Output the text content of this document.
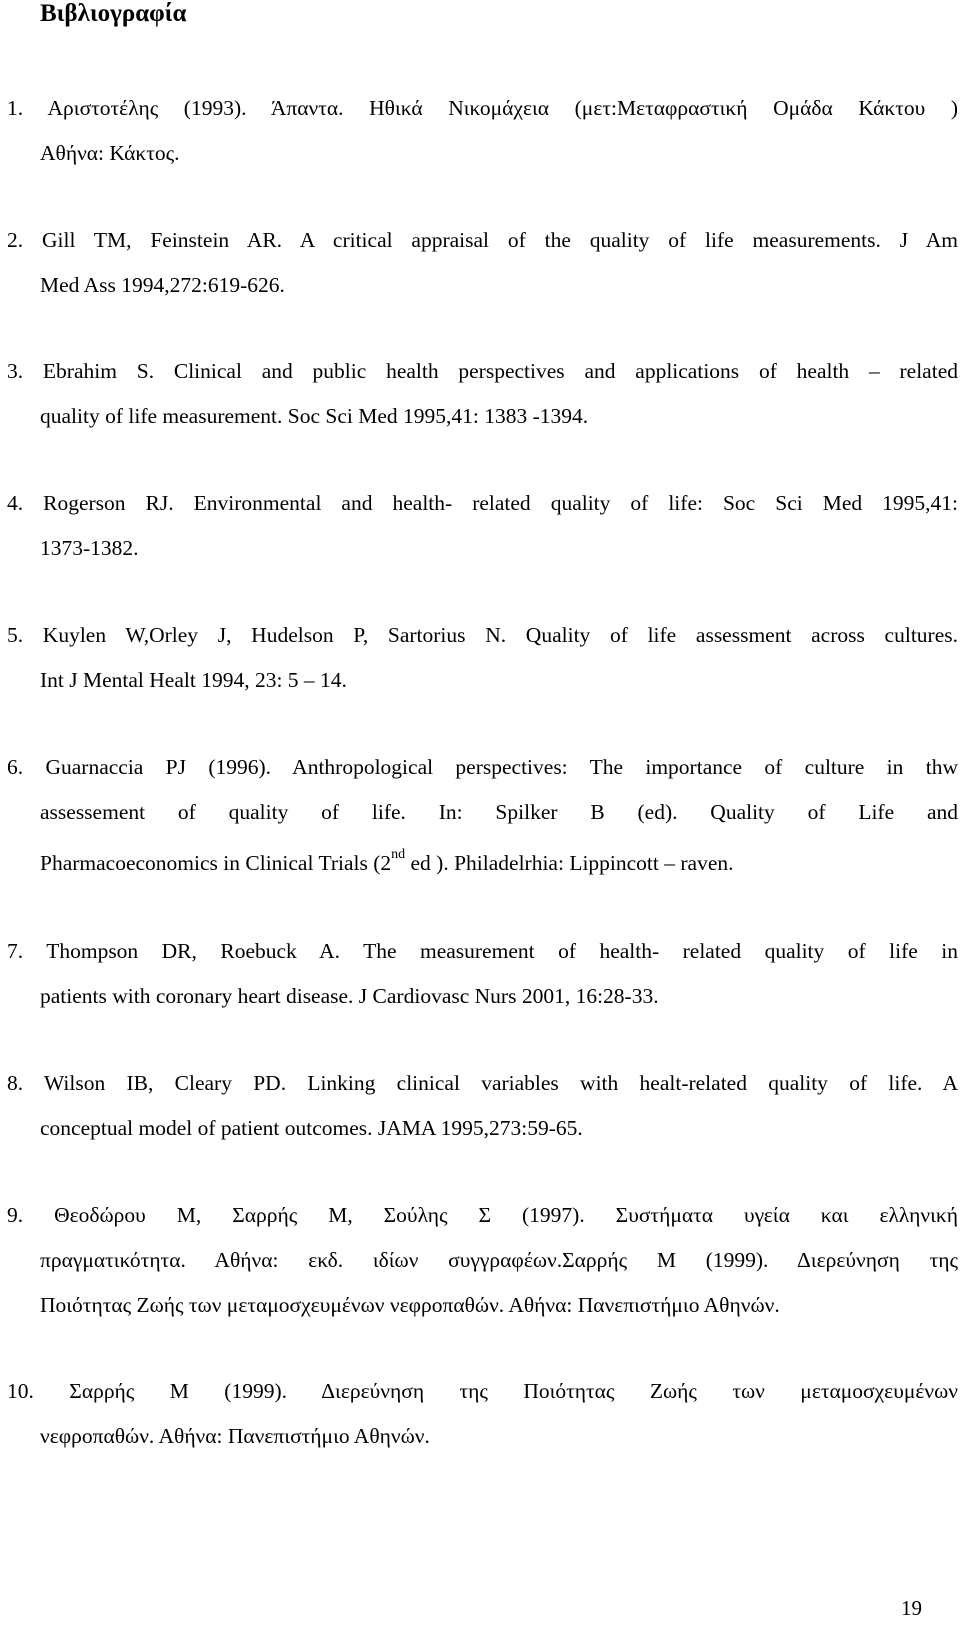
Βιβλιογραφία
1. Αριστοτέλης (1993). Άπαντα. Ηθικά Νικομάχεια (μετ:Μεταφραστική Ομάδα Κάκτου )
Αθήνα: Κάκτος.
2. Gill TM, Feinstein AR. A critical appraisal of the quality of life measurements. J Am
Med Ass 1994,272:619-626.
3. Ebrahim S. Clinical and public health perspectives and applications of health – related
quality of life measurement. Soc Sci Med 1995,41: 1383 -1394.
4. Rogerson RJ. Environmental and health- related quality of life: Soc Sci Med 1995,41:
1373-1382.
5. Kuylen W,Orley J, Hudelson P, Sartorius N. Quality of life assessment across cultures.
Int J Mental Healt 1994, 23: 5 – 14.
6. Guarnaccia PJ (1996). Anthropological perspectives: The importance of culture in thw
assessement of quality of life. In: Spilker B (ed). Quality of Life and
Pharmacoeconomics in Clinical Trials (2nd ed ). Philadelrhia: Lippincott – raven.
7. Thompson DR, Roebuck A. The measurement of health- related quality of life in
patients with coronary heart disease. J Cardiovasc Nurs 2001, 16:28-33.
8. Wilson IB, Cleary PD. Linking clinical variables with healt-related quality of life. A
conceptual model of patient outcomes. JAMA 1995,273:59-65.
9. Θεοδώρου Μ, Σαρρής Μ, Σούλης Σ (1997). Συστήματα υγεία και ελληνική
πραγματικότητα. Αθήνα: εκδ. ιδίων συγγραφέων.Σαρρής Μ (1999). Διερεύνηση της
Ποιότητας Ζωής των μεταμοσχευμένων νεφροπαθών. Αθήνα: Πανεπιστήμιο Αθηνών.
10. Σαρρής Μ (1999). Διερεύνηση της Ποιότητας Ζωής των μεταμοσχευμένων
νεφροπαθών. Αθήνα: Πανεπιστήμιο Αθηνών.
19
